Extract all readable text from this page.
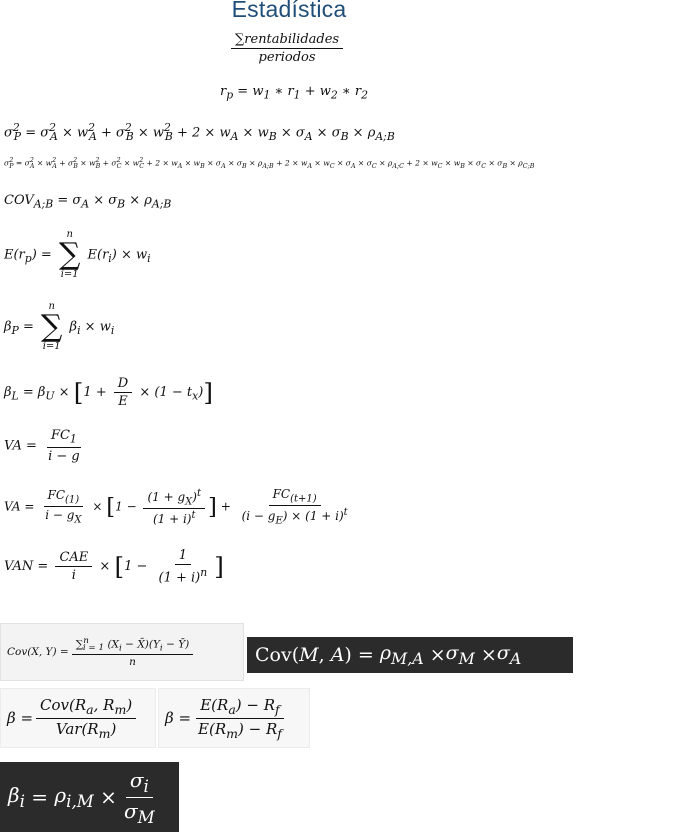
Estadística
$\frac{\text{∑rentabilidades}}{\text{periodos}}$
$r_p = w_1$ ∗ $r_1 + w_2$ ∗ $r_2$
$\sigma^2_P = \sigma^2_A \times w^2_A + \sigma^2_B \times w^2_B + 2 \times w_A \times w_B \times \sigma_A \times \sigma_B \times \rho_{A;B}$
$\sigma^2_P = \sigma^2_A \times w^2_A + \sigma^2_B \times w^2_B + \sigma^2_C \times w^2_C + 2 \times w_A \times w_B \times \sigma_A \times \sigma_B \times \rho_{A;B} + 2 \times w_A \times w_C \times \sigma_A \times \sigma_C \times \rho_{A;C} + 2 \times w_C \times w_B \times \sigma_C \times \sigma_B \times \rho_{C;B}$
$COV_{A;B} = \sigma_A \times \sigma_B \times \rho_{A;B}$
$E(r_p)$ =
n
∑
i=1
$E(r_i) \times w_i$
$\beta_P$ =
n
∑
i=1
$\beta_i \times w_i$
$\beta_L = \beta_U \times [1 + \frac{D}{E} \times (1 - t_x)]$
VA = $\frac{FC_1}{i - g}$
VA = $\frac{FC_{(1)}}{i - g_X} \times [1 - \frac{(1 + g_X)^t}{(1 + i)^t}$ ] + $\frac{FC_{(t+1)}}{(i - g_E) \times (1 + i)^t}$
VAN = $\frac{\text{CAE}}{i} \times [1 - \frac{1}{(1 + i)^n}$ ]
Cov(X, $Y) = \frac{\sum^n_{i = 1} (X_i - X̄)(Y_i - Ȳ)}{n}$	Cov( M , A ) = $\rho_{M,A} \times \sigma_M \times \sigma_A$
$\beta = \frac{Cov(R_a, R_m)}{Var(R_m)}$ $\beta = \frac{E(R_a) - R_f}{E(R_m) - R_f}$
$\beta_i = \rho_{i,M} \times \frac{\sigma_i}{\sigma_M}$
